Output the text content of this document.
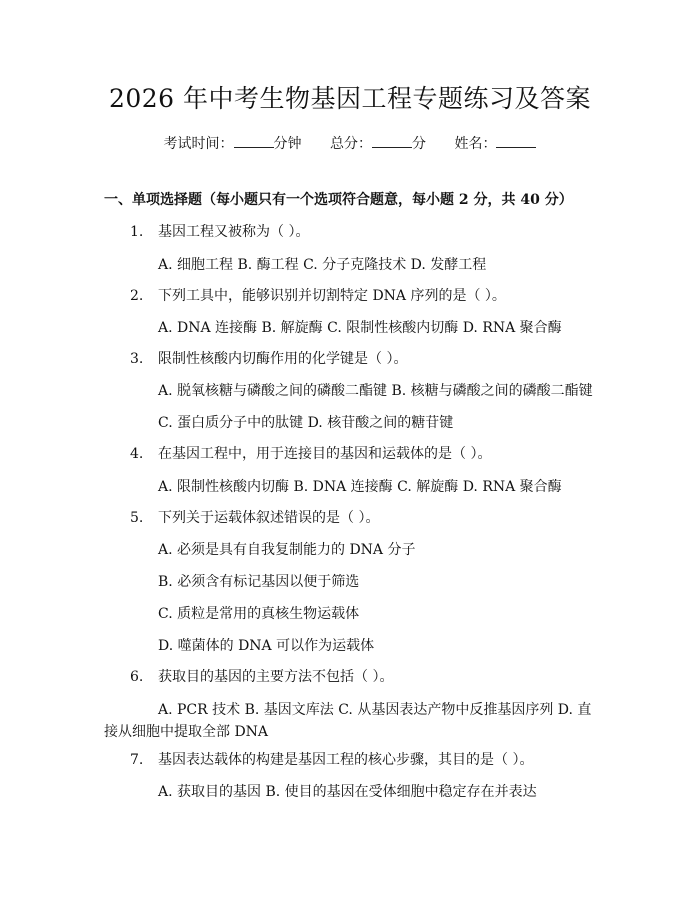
2026 年中考生物基因工程专题练习及答案
考试时间：	分钟 总分：	分 姓名：
一、单项选择题（每小题只有一个选项符合题意，每小题 2 分，共 40 分）
1. 基因工程又被称为（ ）。
A. 细胞工程 B. 酶工程 C. 分子克隆技术 D. 发酵工程
2. 下列工具中，能够识别并切割特定 DNA 序列的是（ ）。
A. DNA 连接酶 B. 解旋酶 C. 限制性核酸内切酶 D. RNA 聚合酶
3. 限制性核酸内切酶作用的化学键是（ ）。
A. 脱氧核糖与磷酸之间的磷酸二酯键 B. 核糖与磷酸之间的磷酸二酯键
C. 蛋白质分子中的肽键 D. 核苷酸之间的糖苷键
4. 在基因工程中，用于连接目的基因和运载体的是（ ）。
A. 限制性核酸内切酶 B. DNA 连接酶 C. 解旋酶 D. RNA 聚合酶
5. 下列关于运载体叙述错误的是（ ）。
A. 必须是具有自我复制能力的 DNA 分子
B. 必须含有标记基因以便于筛选
C. 质粒是常用的真核生物运载体
D. 噬菌体的 DNA 可以作为运载体
6. 获取目的基因的主要方法不包括（ ）。
A. PCR 技术 B. 基因文库法 C. 从基因表达产物中反推基因序列 D. 直接从细胞中提取全部 DNA
7. 基因表达载体的构建是基因工程的核心步骤，其目的是（ ）。
A. 获取目的基因 B. 使目的基因在受体细胞中稳定存在并表达
